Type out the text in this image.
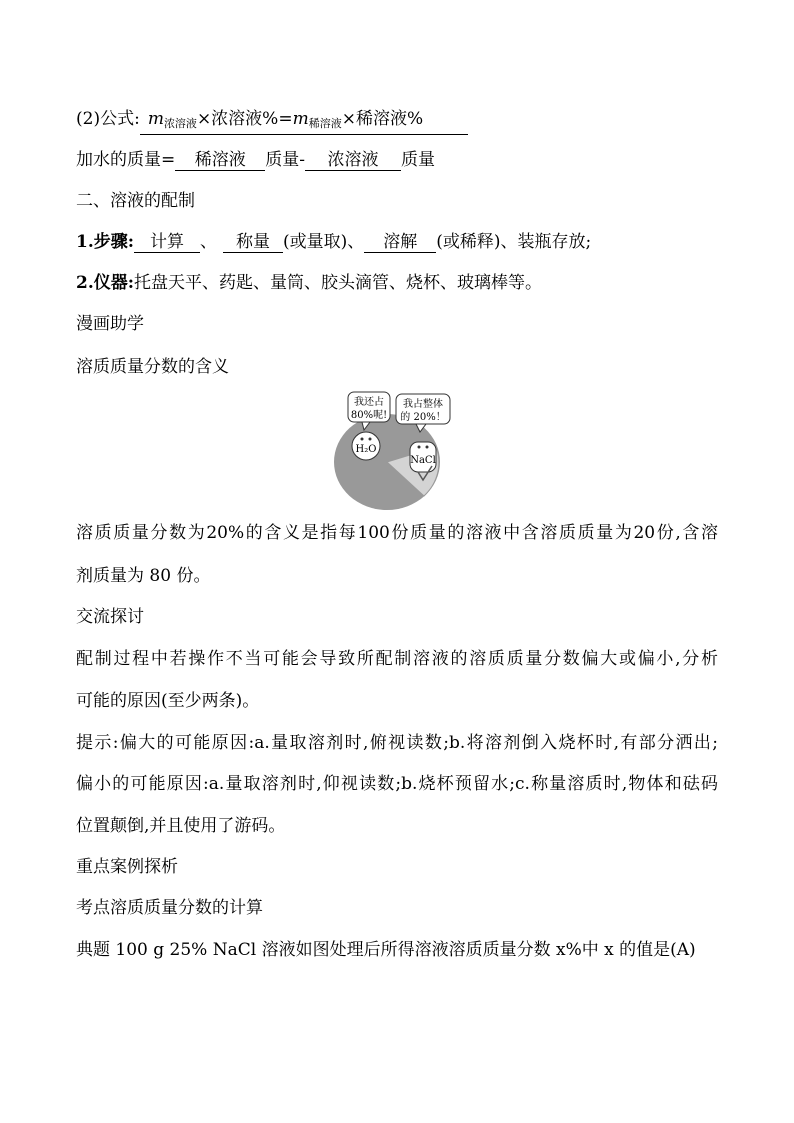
(2)公式: $m_{浓溶液}\times$浓溶液$\%=m_{稀溶液}\times$稀溶液%
加水的质量= 稀溶液 质量- 浓溶液 质量
二、溶液的配制
1.步骤: 计算 、 称量 (或量取)、 溶解 (或稀释)、装瓶存放;
2.仪器:托盘天平、药匙、量筒、胶头滴管、烧杯、玻璃棒等。
漫画助学
溶质质量分数的含义
我还占
80%呢!
我占整体
的 20%！
H₂O
NaCl
溶质质量分数为20%的含义是指每100份质量的溶液中含溶质质量为20份,含溶
剂质量为 80 份。
交流探讨
配制过程中若操作不当可能会导致所配制溶液的溶质质量分数偏大或偏小,分析
可能的原因(至少两条)。
提示:偏大的可能原因:a.量取溶剂时,俯视读数;b.将溶剂倒入烧杯时,有部分洒出;
偏小的可能原因:a.量取溶剂时,仰视读数;b.烧杯预留水;c.称量溶质时,物体和砝码
位置颠倒,并且使用了游码。
重点案例探析
考点溶质质量分数的计算
典题 100 g 25% NaCl 溶液如图处理后所得溶液溶质质量分数 x%中 x 的值是(A)
